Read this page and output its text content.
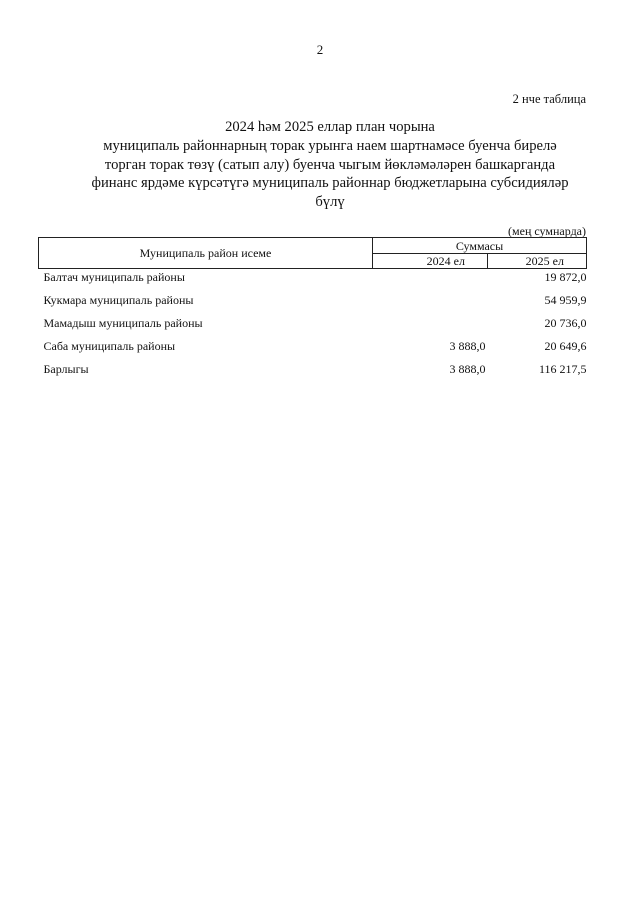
2
2 нче таблица
2024 һәм 2025 еллар план чорына
муниципаль районнарның торак урынга наем шартнамәсе буенча бирелә
торган торак төзү (сатып алу) буенча чыгым йөкләмәләрен башкарганда
финанс ярдәме күрсәтүгә муниципаль районнар бюджетларына субсидияләр
бүлү
(мең сумнарда)
Муниципаль район исеме	Суммасы	
	2024 ел	2025 ел
Балтач муниципаль районы		19 872,0
Кукмара муниципаль районы		54 959,9
Мамадыш муниципаль районы		20 736,0
Саба муниципаль районы	3 888,0	20 649,6
Барлыгы	3 888,0	116 217,5
